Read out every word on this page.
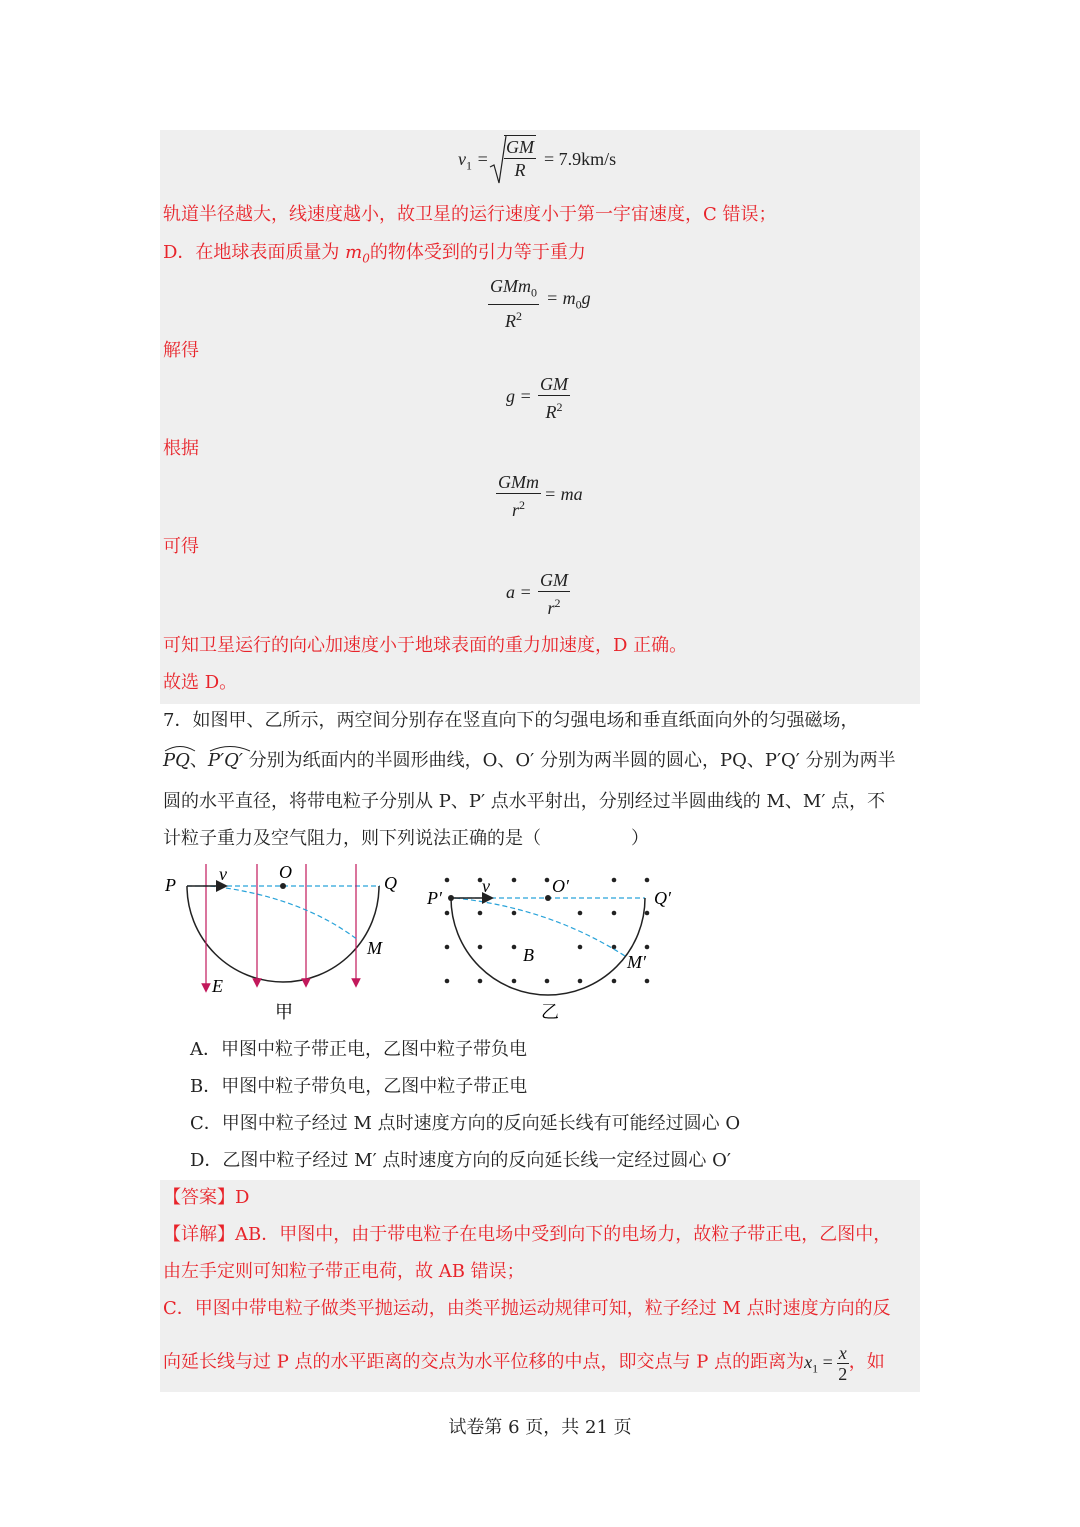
$v_1$ =
GM
R
= 7.9km/s
轨道半径越大，线速度越小，故卫星的运行速度小于第一宇宙速度，C 错误；
D．在地球表面质量为 $m_0$的物体受到的引力等于重力
GMm$_0$
$R^2$
= $m_0g$
解得
g =
GM
$R^2$
根据
GMm
$r^2$
= ma
可得
a =
GM
$r^2$
可知卫星运行的向心加速度小于地球表面的重力加速度，D 正确。
故选 D。
7．如图甲、乙所示，两空间分别存在竖直向下的匀强电场和垂直纸面向外的匀强磁场，
PQ、
P′Q′ 分别为纸面内的半圆形曲线，O、O′ 分别为两半圆的圆心，PQ、P′Q′ 分别为两半
圆的水平直径，将带电粒子分别从 P、P′ 点水平射出，分别经过半圆曲线的 M、M′ 点，不
计粒子重力及空气阻力，则下列说法正确的是（　　　　　）
P
v	O
Q
M
E
甲
P′
v	O′
Q′
M′
B
乙
A．甲图中粒子带正电，乙图中粒子带负电
B．甲图中粒子带负电，乙图中粒子带正电
C．甲图中粒子经过 M 点时速度方向的反向延长线有可能经过圆心 O
D．乙图中粒子经过 M′ 点时速度方向的反向延长线一定经过圆心 O′
【答案】D
【详解】AB．甲图中，由于带电粒子在电场中受到向下的电场力，故粒子带正电，乙图中，
由左手定则可知粒子带正电荷，故 AB 错误；
C．甲图中带电粒子做类平抛运动，由类平抛运动规律可知，粒子经过 M 点时速度方向的反
向延长线与过 P 点的水平距离的交点为水平位移的中点，即交点与 P 点的距离为$x_1 = \frac{x}{2}$ ，如
试卷第 6 页，共 21 页
